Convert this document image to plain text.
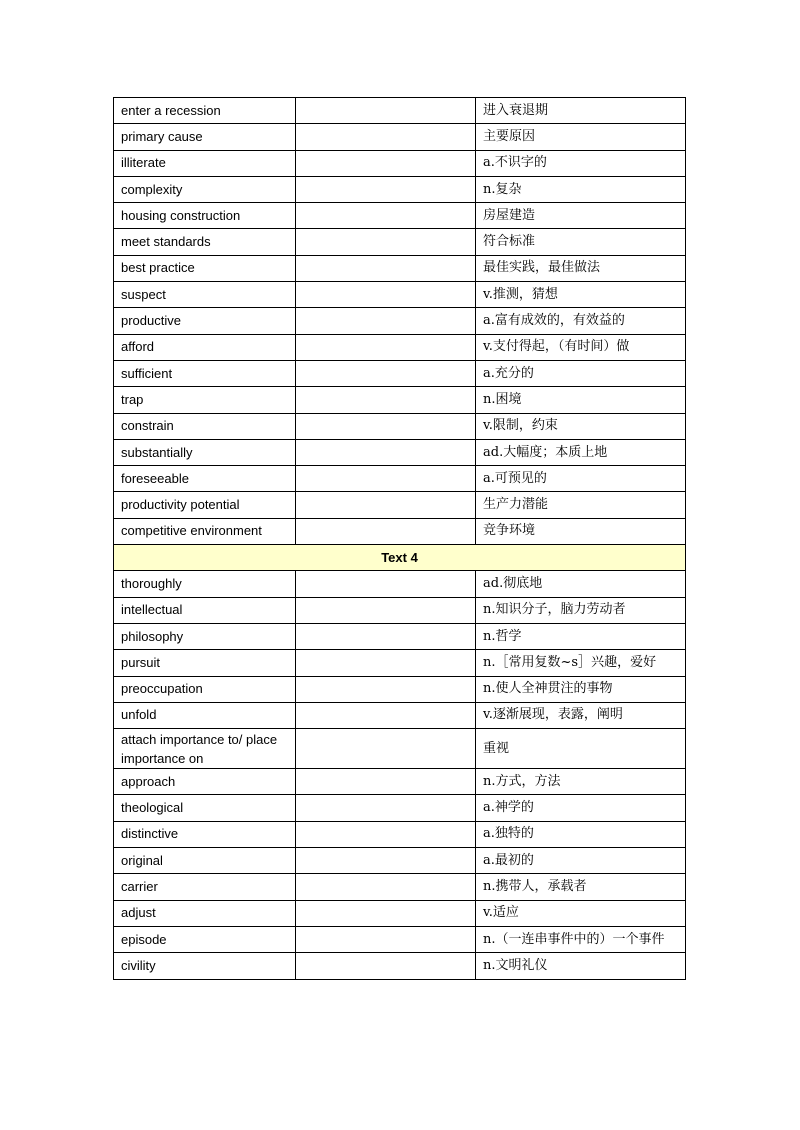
enter a recession		进入衰退期
primary cause		主要原因
illiterate		a.不识字的
complexity		n.复杂
housing construction		房屋建造
meet standards		符合标准
best practice		最佳实践，最佳做法
suspect		v.推测，猜想
productive		a.富有成效的，有效益的
afford		v.支付得起，（有时间）做
sufficient		a.充分的
trap		n.困境
constrain		v.限制，约束
substantially		ad.大幅度；本质上地
foreseeable		a.可预见的
productivity potential		生产力潜能
competitive environment		竞争环境
Text 4		
thoroughly		ad.彻底地
intellectual		n.知识分子，脑力劳动者
philosophy		n.哲学
pursuit		n.［常用复数~s］兴趣，爱好
preoccupation		n.使人全神贯注的事物
unfold		v.逐渐展现，表露，阐明
attach importance to/ place importance on		重视
approach		n.方式，方法
theological		a.神学的
distinctive		a.独特的
original		a.最初的
carrier		n.携带人，承载者
adjust		v.适应
episode		n.（一连串事件中的）一个事件
civility		n.文明礼仪
